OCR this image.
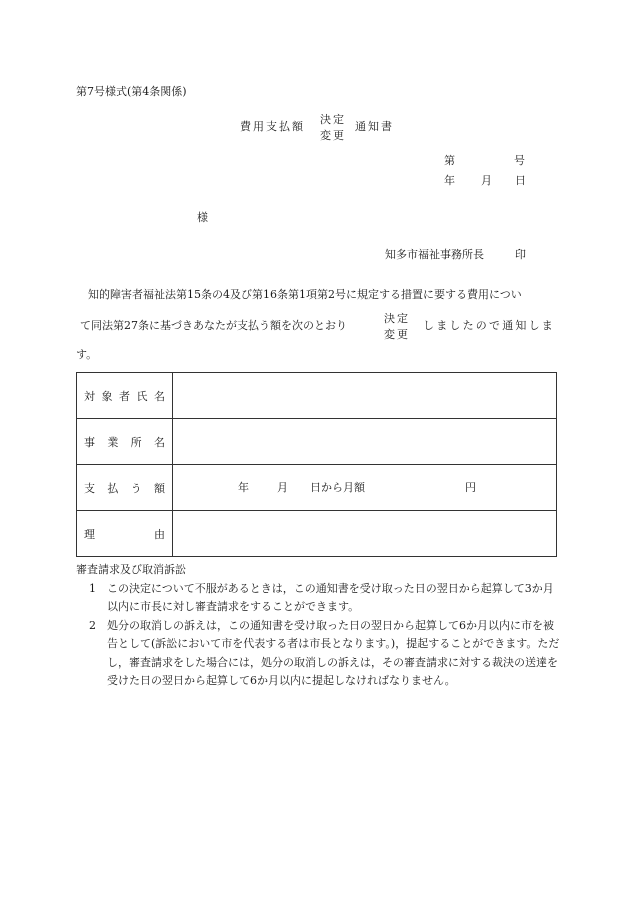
第7号様式(第4条関係)
費用支払額
決定
変更
通知書
第	号
年 月 日
様
知多市福祉事務所長	印
知的障害者福祉法第15条の4及び第16条第1項第2号に規定する措置に要する費用につい
て同法第27条に基づきあなたが支払う額を次のとおり
決定
変更
しましたので通知しま
す。
対 象 者 氏 名	

事 業 所 名	

支 払 う 額	年 月 日から月額 円

理 由	

審査請求及び取消訴訟
1 この決定について不服があるときは，この通知書を受け取った日の翌日から起算して3か月以内に市長に対し審査請求をすることができます。
2 処分の取消しの訴えは，この通知書を受け取った日の翌日から起算して6か月以内に市を被告として(訴訟において市を代表する者は市長となります。)，提起することができます。ただし，審査請求をした場合には，処分の取消しの訴えは，その審査請求に対する裁決の送達を受けた日の翌日から起算して6か月以内に提起しなければなりません。
